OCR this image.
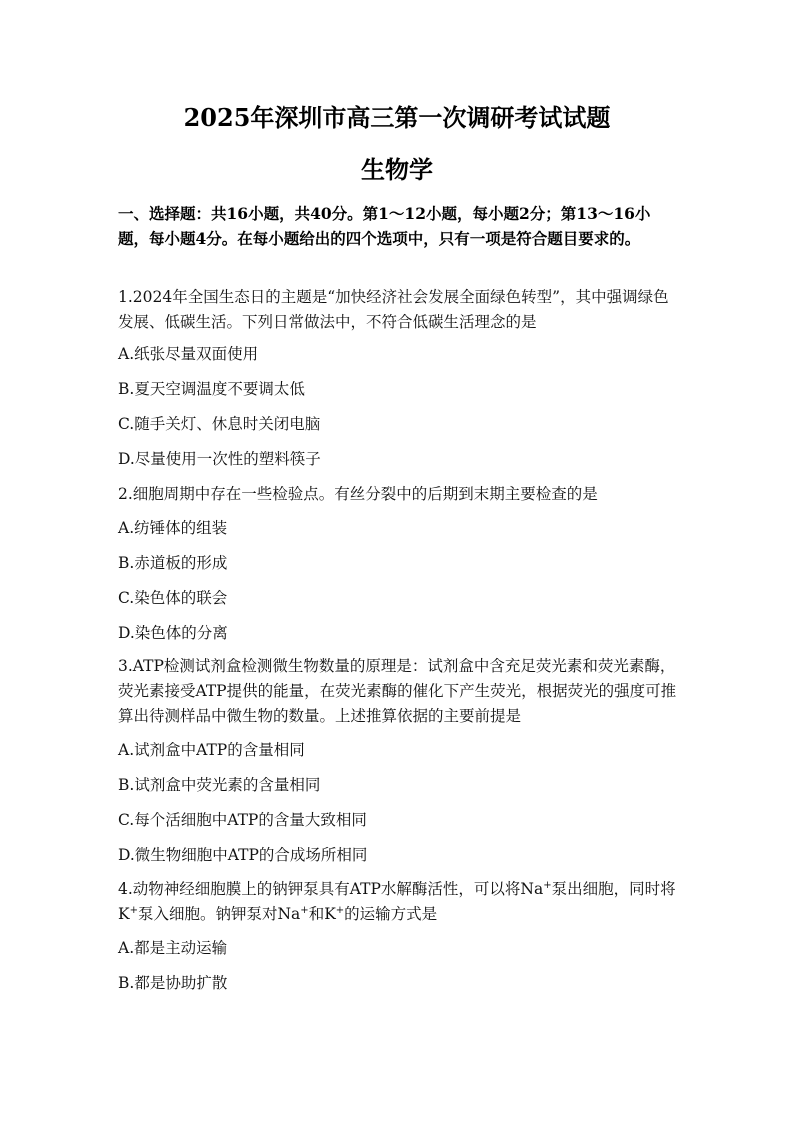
2025年深圳市高三第一次调研考试试题
生物学
一、选择题：共16小题，共40分。第1～12小题，每小题2分；第13～16小题，每小题4分。在每小题给出的四个选项中，只有一项是符合题目要求的。
1.2024年全国生态日的主题是“加快经济社会发展全面绿色转型”，其中强调绿色发展、低碳生活。下列日常做法中，不符合低碳生活理念的是
A.纸张尽量双面使用
B.夏天空调温度不要调太低
C.随手关灯、休息时关闭电脑
D.尽量使用一次性的塑料筷子
2.细胞周期中存在一些检验点。有丝分裂中的后期到末期主要检查的是
A.纺锤体的组装
B.赤道板的形成
C.染色体的联会
D.染色体的分离
3.ATP检测试剂盒检测微生物数量的原理是：试剂盒中含充足荧光素和荧光素酶，荧光素接受ATP提供的能量，在荧光素酶的催化下产生荧光，根据荧光的强度可推算出待测样品中微生物的数量。上述推算依据的主要前提是
A.试剂盒中ATP的含量相同
B.试剂盒中荧光素的含量相同
C.每个活细胞中ATP的含量大致相同
D.微生物细胞中ATP的合成场所相同
4.动物神经细胞膜上的钠钾泵具有ATP水解酶活性，可以将Na+泵出细胞，同时将K+泵入细胞。钠钾泵对Na+和K+的运输方式是
A.都是主动运输
B.都是协助扩散
